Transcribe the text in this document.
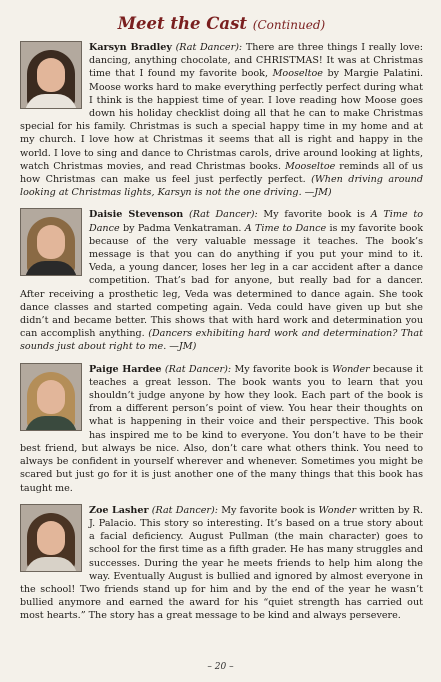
Meet the Cast (Continued)
Karsyn Bradley (Rat Dancer): There are three things I really love: dancing, anything chocolate, and CHRISTMAS! It was at Christmas time that I found my favorite book, Mooseltoe by Margie Palatini. Moose works hard to make everything perfectly perfect during what I think is the happiest time of year. I love reading how Moose goes down his holiday checklist doing all that he can to make Christmas special for his family. Christmas is such a special happy time in my home and at my church. I love how at Christmas it seems that all is right and happy in the world. I love to sing and dance to Christmas carols, drive around looking at lights, watch Christmas movies, and read Christmas books. Mooseltoe reminds all of us how Christmas can make us feel just perfectly perfect. (When driving around looking at Christmas lights, Karsyn is not the one driving. —JM)
Daisie Stevenson (Rat Dancer): My favorite book is A Time to Dance by Padma Venkatraman. A Time to Dance is my favorite book because of the very valuable message it teaches. The book’s message is that you can do anything if you put your mind to it. Veda, a young dancer, loses her leg in a car accident after a dance competition. That’s bad for anyone, but really bad for a dancer. After receiving a prosthetic leg, Veda was determined to dance again. She took dance classes and started competing again. Veda could have given up but she didn’t and became better. This shows that with hard work and determination you can accomplish anything. (Dancers exhibiting hard work and determination? That sounds just about right to me. —JM)
Paige Hardee (Rat Dancer): My favorite book is Wonder because it teaches a great lesson. The book wants you to learn that you shouldn’t judge anyone by how they look. Each part of the book is from a different person’s point of view. You hear their thoughts on what is happening in their voice and their perspective. This book has inspired me to be kind to everyone. You don’t have to be their best friend, but always be nice. Also, don’t care what others think. You need to always be confident in yourself wherever and whenever. Sometimes you might be scared but just go for it is just another one of the many things that this book has taught me.
Zoe Lasher (Rat Dancer): My favorite book is Wonder written by R. J. Palacio. This story so interesting. It’s based on a true story about a facial deficiency. August Pullman (the main character) goes to school for the first time as a fifth grader. He has many struggles and successes. During the year he meets friends to help him along the way. Eventually August is bullied and ignored by almost everyone in the school! Two friends stand up for him and by the end of the year he wasn’t bullied anymore and earned the award for his “quiet strength has carried out most hearts.” The story has a great message to be kind and always persevere.
– 20 –
